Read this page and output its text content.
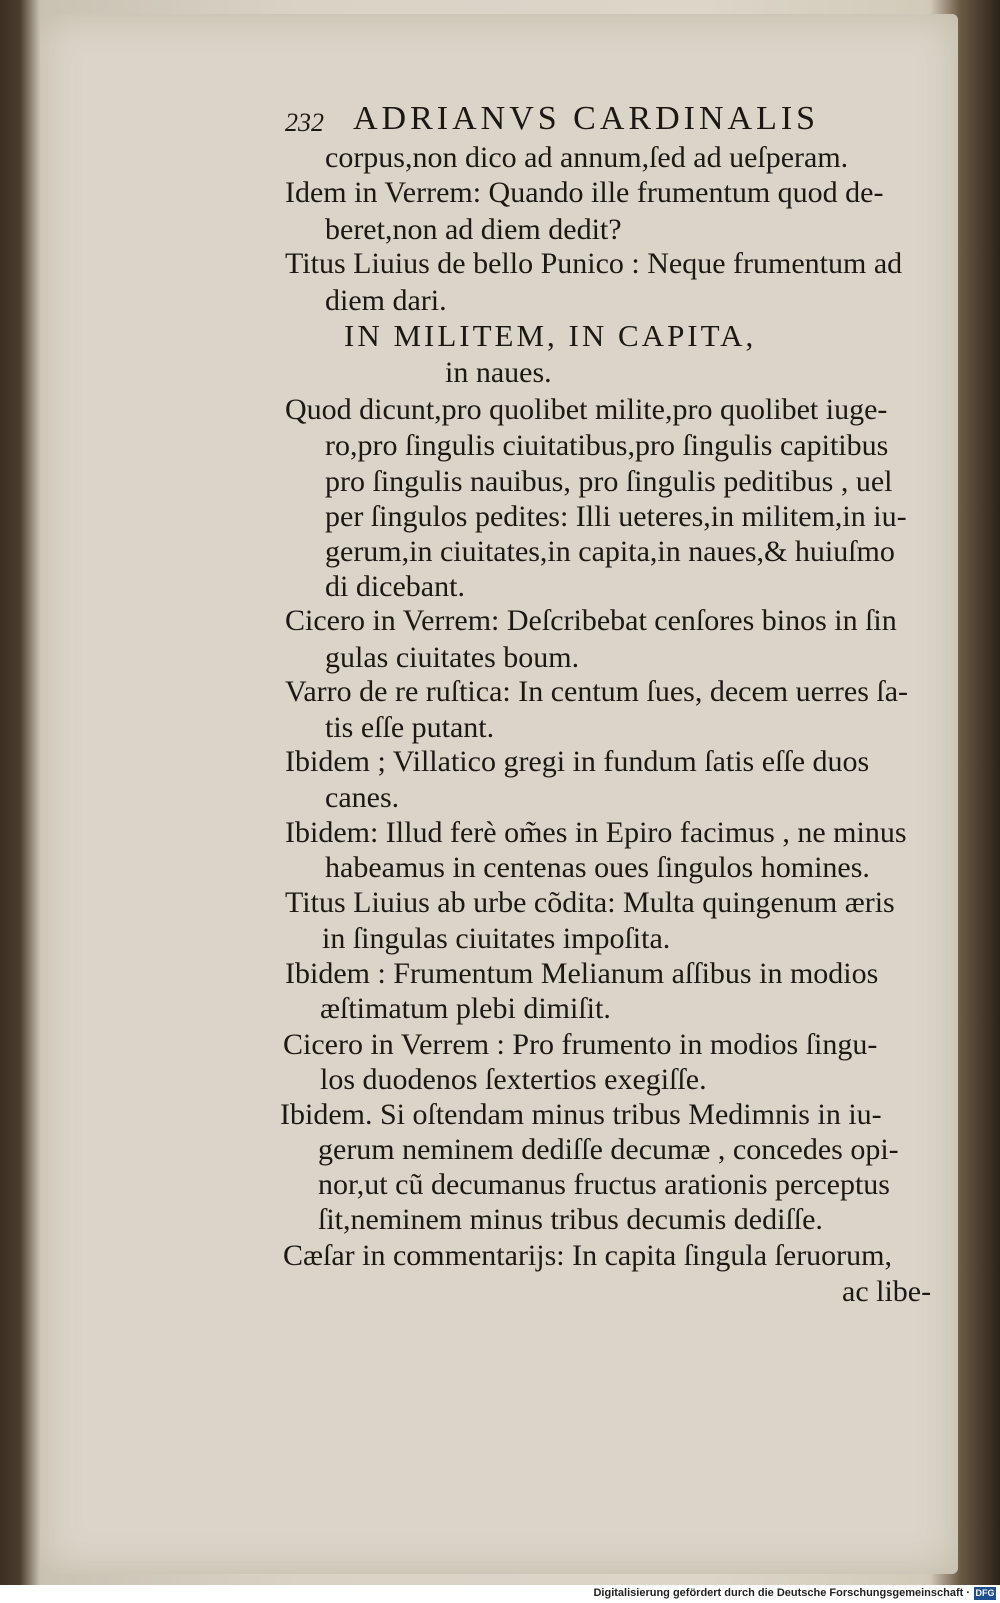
232 ADRIANVS CARDINALIS
corpus,non dico ad annum,ſed ad ueſperam.
Idem in Verrem: Quando ille frumentum quod de-
beret,non ad diem dedit?
Titus Liuius de bello Punico : Neque frumentum ad
diem dari.
IN MILITEM, IN CAPITA,
in naues.
Quod dicunt,pro quolibet milite,pro quolibet iuge-
ro,pro ſingulis ciuitatibus,pro ſingulis capitibus
pro ſingulis nauibus, pro ſingulis peditibus , uel
per ſingulos pedites: Illi ueteres,in militem,in iu-
gerum,in ciuitates,in capita,in naues,& huiuſmo
di dicebant.
Cicero in Verrem: Deſcribebat cenſores binos in ſin
gulas ciuitates boum.
Varro de re ruſtica: In centum ſues, decem uerres ſa-
tis eſſe putant.
Ibidem ; Villatico gregi in fundum ſatis eſſe duos
canes.
Ibidem: Illud ferè om̃es in Epiro facimus , ne minus
habeamus in centenas oues ſingulos homines.
Titus Liuius ab urbe cõdita: Multa quingenum æris
in ſingulas ciuitates impoſita.
Ibidem : Frumentum Melianum aſſibus in modios
æſtimatum plebi dimiſit.
Cicero in Verrem : Pro frumento in modios ſingu-
los duodenos ſextertios exegiſſe.
Ibidem. Si oſtendam minus tribus Medimnis in iu-
gerum neminem dediſſe decumæ , concedes opi-
nor,ut cũ decumanus fructus arationis perceptus
ſit,neminem minus tribus decumis dediſſe.
Cæſar in commentarijs: In capita ſingula ſeruorum,
ac libe-
Digitalisierung gefördert durch die Deutsche Forschungsgemeinschaft · DFG
